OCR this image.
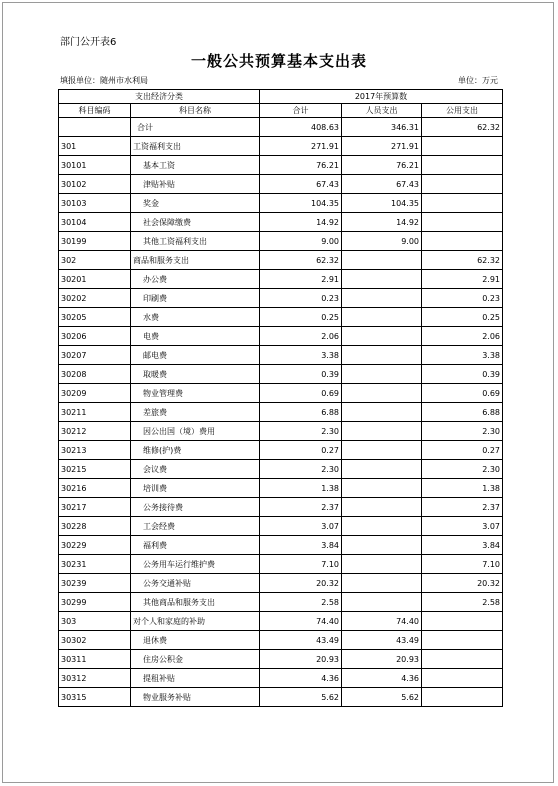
部门公开表6
一般公共预算基本支出表
填报单位：随州市水利局	单位：万元
支出经济分类		2017年预算数		
科目编码	科目名称	合计	人员支出	公用支出
	合计	408.63	346.31	62.32
301	工资福利支出	271.91	271.91	
30101	基本工资	76.21	76.21	
30102	津贴补贴	67.43	67.43	
30103	奖金	104.35	104.35	
30104	社会保障缴费	14.92	14.92	
30199	其他工资福利支出	9.00	9.00	
302	商品和服务支出	62.32		62.32
30201	办公费	2.91		2.91
30202	印刷费	0.23		0.23
30205	水费	0.25		0.25
30206	电费	2.06		2.06
30207	邮电费	3.38		3.38
30208	取暖费	0.39		0.39
30209	物业管理费	0.69		0.69
30211	差旅费	6.88		6.88
30212	因公出国（境）费用	2.30		2.30
30213	维修(护)费	0.27		0.27
30215	会议费	2.30		2.30
30216	培训费	1.38		1.38
30217	公务接待费	2.37		2.37
30228	工会经费	3.07		3.07
30229	福利费	3.84		3.84
30231	公务用车运行维护费	7.10		7.10
30239	公务交通补贴	20.32		20.32
30299	其他商品和服务支出	2.58		2.58
303	对个人和家庭的补助	74.40	74.40	
30302	退休费	43.49	43.49	
30311	住房公积金	20.93	20.93	
30312	提租补贴	4.36	4.36	
30315	物业服务补贴	5.62	5.62	
